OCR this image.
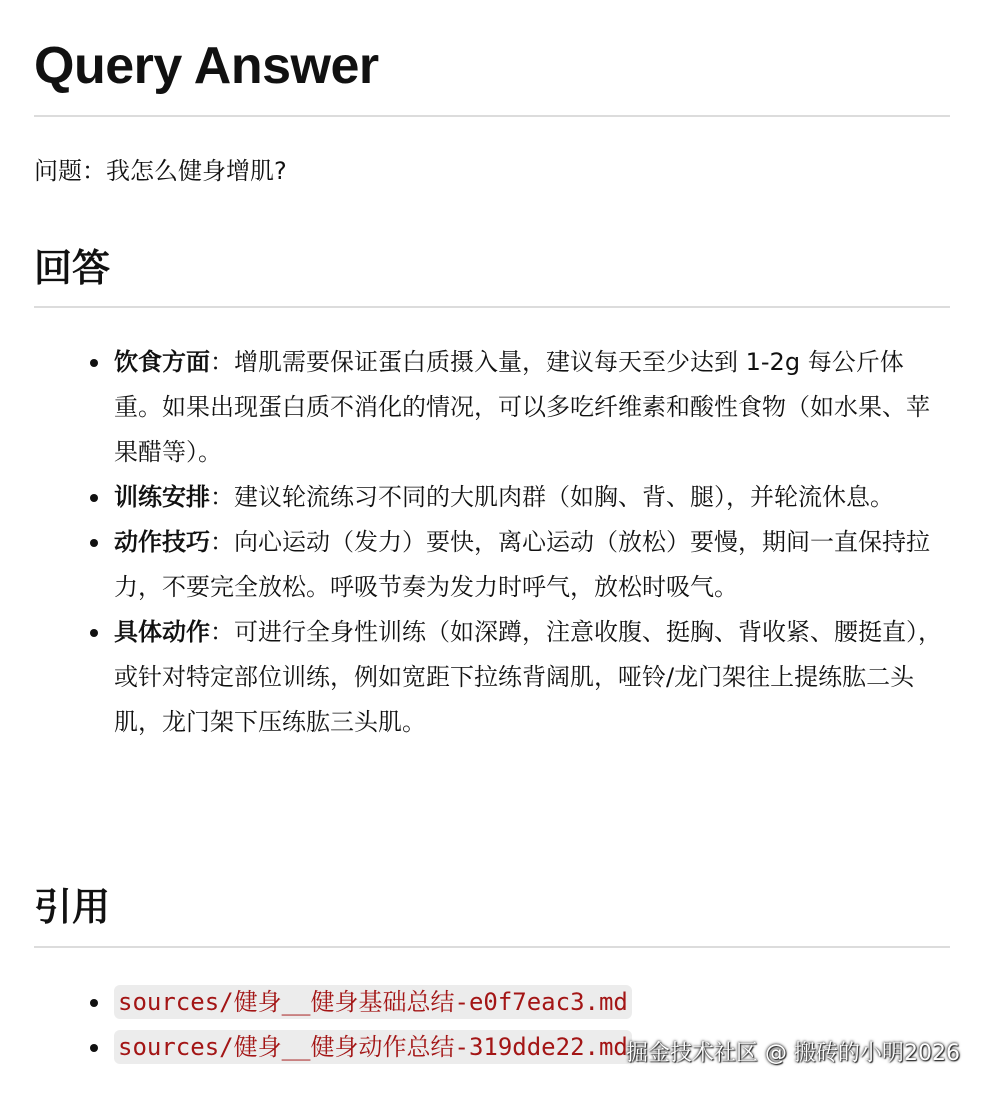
Query Answer
问题：我怎么健身增肌?
回答
饮食方面：增肌需要保证蛋白质摄入量，建议每天至少达到 1-2g 每公斤体重。如果出现蛋白质不消化的情况，可以多吃纤维素和酸性食物（如水果、苹果醋等）。
训练安排：建议轮流练习不同的大肌肉群（如胸、背、腿），并轮流休息。
动作技巧：向心运动（发力）要快，离心运动（放松）要慢，期间一直保持拉力，不要完全放松。呼吸节奏为发力时呼气，放松时吸气。
具体动作：可进行全身性训练（如深蹲，注意收腹、挺胸、背收紧、腰挺直），或针对特定部位训练，例如宽距下拉练背阔肌，哑铃/龙门架往上提练肱二头肌，龙门架下压练肱三头肌。
引用
sources/健身__健身基础总结-e0f7eac3.md
sources/健身__健身动作总结-319dde22.md
掘金技术社区 @ 搬砖的小明2026
